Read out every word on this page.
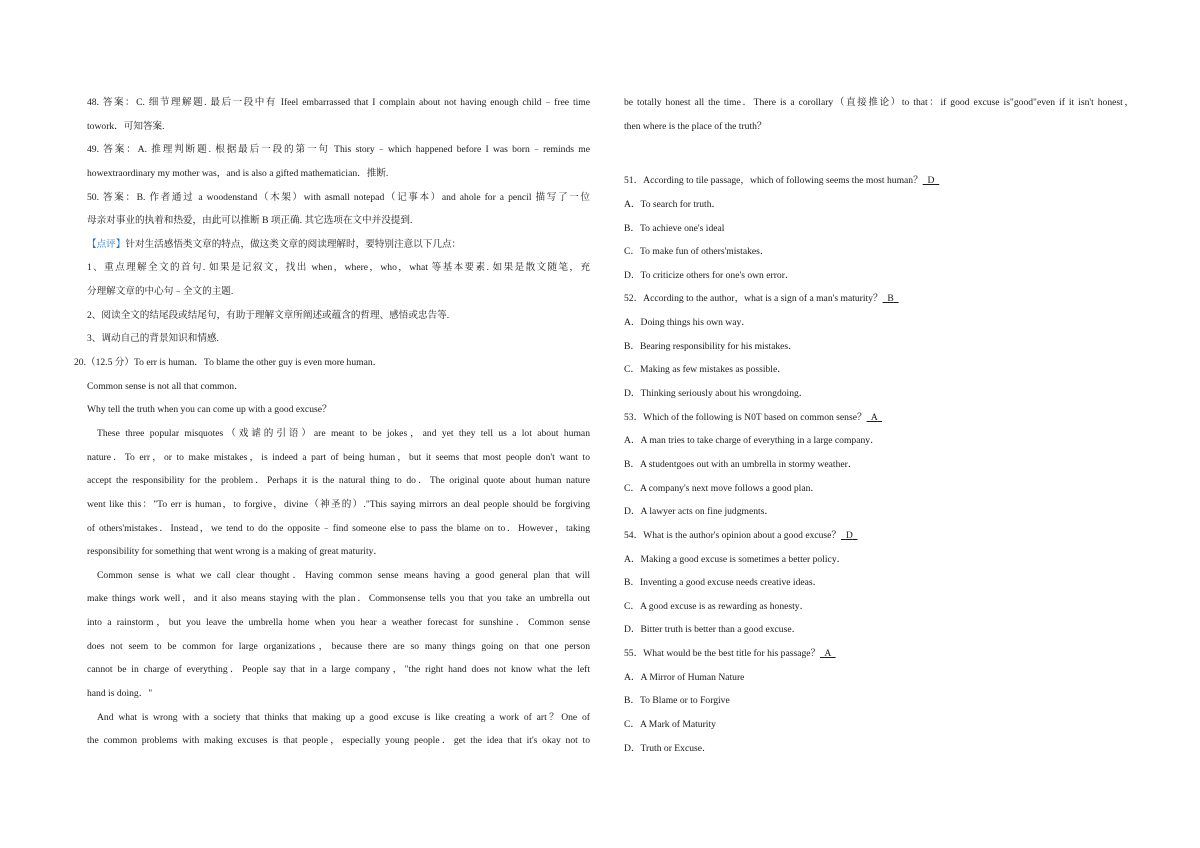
48. 答案：C. 细节理解题. 最后一段中有 Ifeel embarrassed that I complain about not having enough child﹣free time
towork．可知答案.
49. 答案：A. 推理判断题. 根据最后一段的第一句 This story﹣which happened before I was born﹣reminds me
howextraordinary my mother was，and is also a gifted mathematician．推断.
50. 答案：B. 作者通过 a woodenstand（木架）with asmall notepad（记事本）and ahole for a pencil 描写了一位
母亲对事业的执着和热爱，由此可以推断 B 项正确. 其它选项在文中并没提到.
【点评】针对生活感悟类文章的特点，做这类文章的阅读理解时，要特别注意以下几点：
1、重点理解全文的首句. 如果是记叙文，找出 when，where，who，what 等基本要素. 如果是散文随笔，充
分理解文章的中心句﹣全文的主题.
2、阅读全文的结尾段或结尾句，有助于理解文章所阐述或蕴含的哲理、感悟或忠告等.
3、调动自己的背景知识和情感.
20.（12.5 分）To err is human．To blame the other guy is even more human．
Common sense is not all that common．
Why tell the truth when you can come up with a good excuse？
These three popular misquotes（戏谑的引语）are meant to be jokes，and yet they tell us a lot about human
nature．To err，or to make mistakes，is indeed a part of being human，but it seems that most people don't want to
accept the responsibility for the problem．Perhaps it is the natural thing to do．The original quote about human nature
went like this："To err is human，to forgive，divine（神圣的）."This saying mirrors an deal people should be forgiving
of others'mistakes．Instead，we tend to do the opposite﹣find someone else to pass the blame on to．However，taking
responsibility for something that went wrong is a making of great maturity．
Common sense is what we call clear thought．Having common sense means having a good general plan that will
make things work well，and it also means staying with the plan．Commonsense tells you that you take an umbrella out
into a rainstorm，but you leave the umbrella home when you hear a weather forecast for sunshine．Common sense
does not seem to be common for large organizations，because there are so many things going on that one person
cannot be in charge of everything．People say that in a large company，"the right hand does not know what the left
hand is doing．"
And what is wrong with a society that thinks that making up a good excuse is like creating a work of art？One of
the common problems with making excuses is that people，especially young people．get the idea that it's okay not to
be totally honest all the time．There is a corollary（直接推论）to that：if good excuse is"good"even if it isn't honest，
then where is the place of the truth？
51．According to tile passage，which of following seems the most human？ D
A．To search for truth．
B．To achieve one's ideal
C．To make fun of others'mistakes．
D．To criticize others for one's own error．
52．According to the author，what is a sign of a man's maturity？ B
A．Doing things his own way．
B．Bearing responsibility for his mistakes．
C．Making as few mistakes as possible．
D．Thinking seriously about his wrongdoing．
53．Which of the following is N0T based on common sense？ A
A．A man tries to take charge of everything in a large company．
B．A studentgoes out with an umbrella in stormy weather．
C．A company's next move follows a good plan．
D．A lawyer acts on fine judgments．
54．What is the author's opinion about a good excuse？ D
A．Making a good excuse is sometimes a better policy．
B．Inventing a good excuse needs creative ideas．
C．A good excuse is as rewarding as honesty．
D．Bitter truth is better than a good excuse．
55．What would be the best title for his passage？ A
A．A Mirror of Human Nature
B．To Blame or to Forgive
C．A Mark of Maturity
D．Truth or Excuse．
